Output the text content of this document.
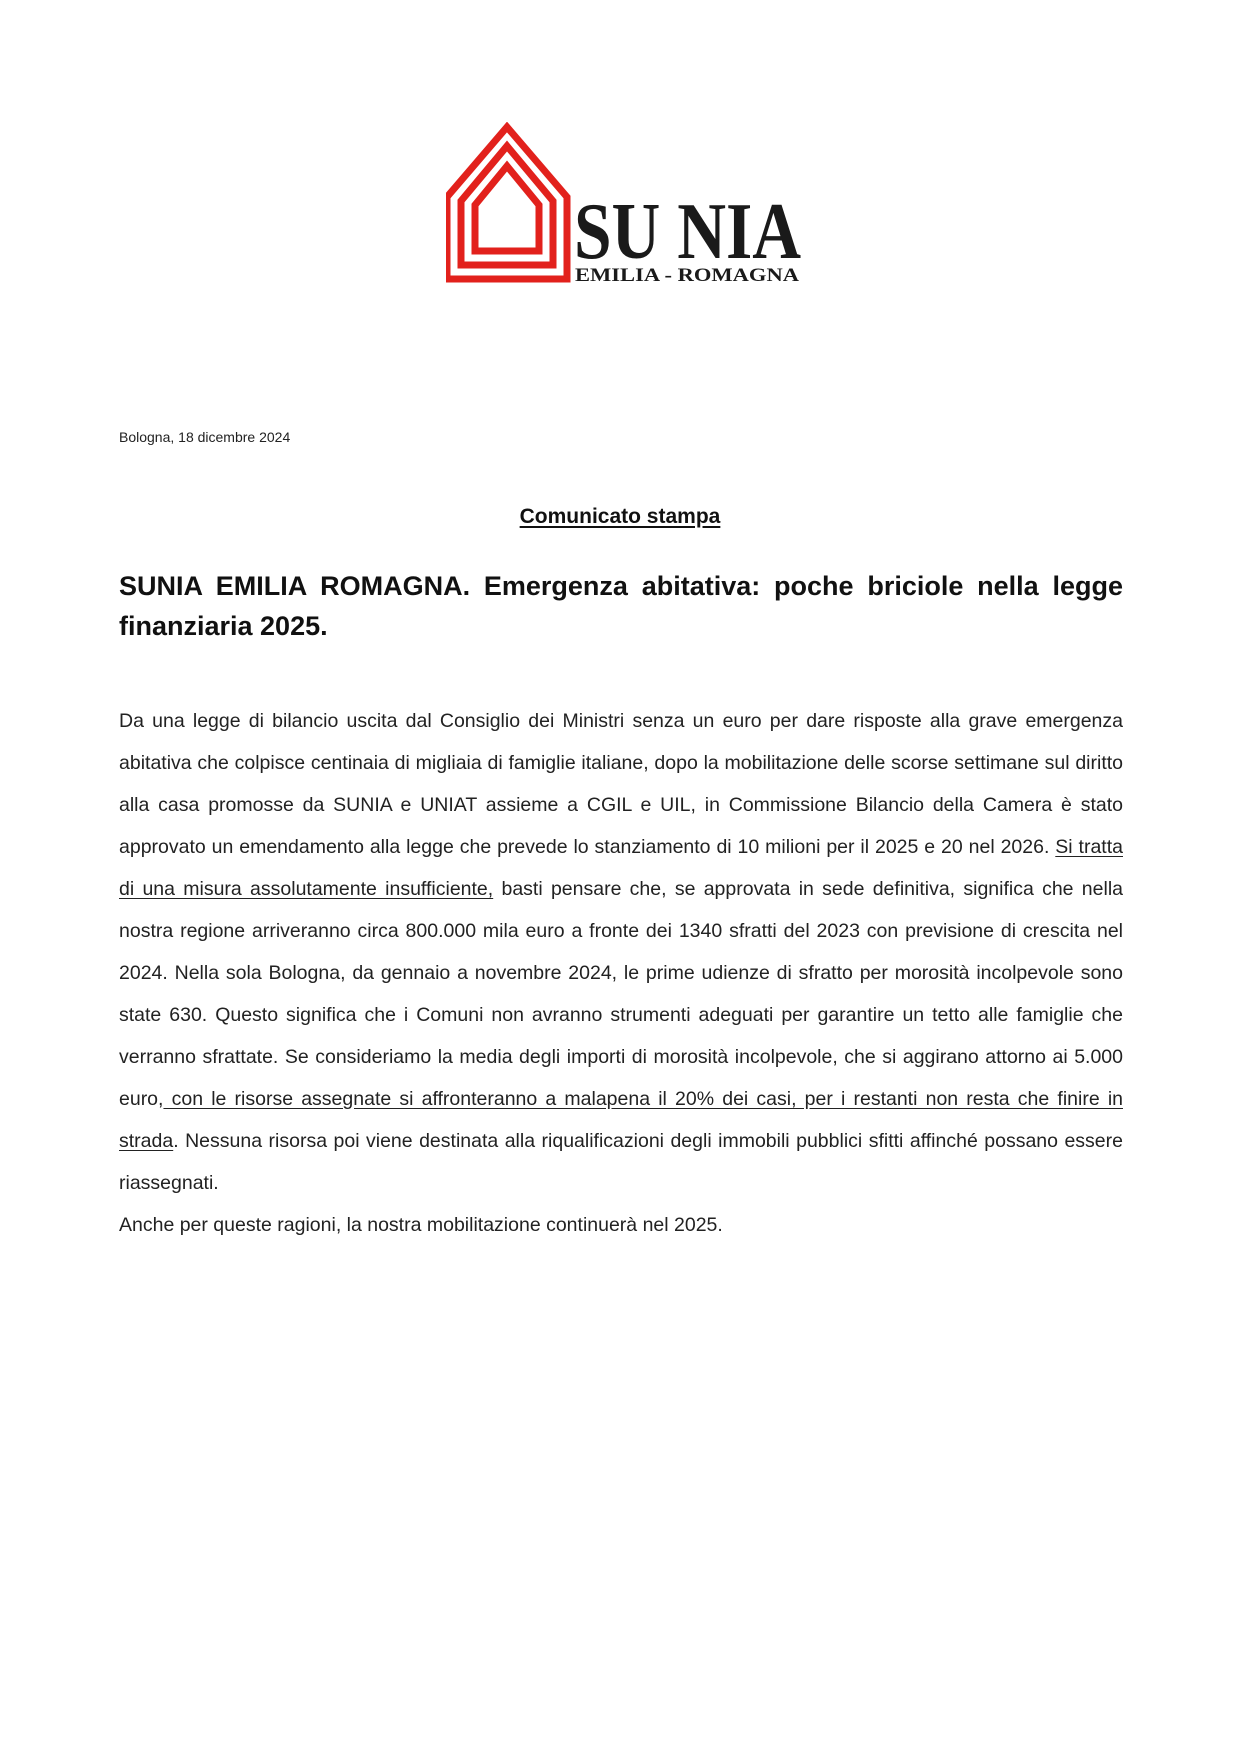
SU NIA
EMILIA - ROMAGNA
Bologna, 18 dicembre 2024
Comunicato stampa
SUNIA EMILIA ROMAGNA. Emergenza abitativa: poche briciole nella legge finanziaria 2025.

Da una legge di bilancio uscita dal Consiglio dei Ministri senza un euro per dare risposte alla grave emergenza abitativa che colpisce centinaia di migliaia di famiglie italiane, dopo la mobilitazione delle scorse settimane sul diritto alla casa promosse da SUNIA e UNIAT assieme a CGIL e UIL, in Commissione Bilancio della Camera è stato approvato un emendamento alla legge che prevede lo stanziamento di 10 milioni per il 2025 e 20 nel 2026. Si tratta di una misura assolutamente insufficiente, basti pensare che, se approvata in sede definitiva, significa che nella nostra regione arriveranno circa 800.000 mila euro a fronte dei 1340 sfratti del 2023 con previsione di crescita nel 2024. Nella sola Bologna, da gennaio a novembre 2024, le prime udienze di sfratto per morosità incolpevole sono state 630. Questo significa che i Comuni non avranno strumenti adeguati per garantire un tetto alle famiglie che verranno sfrattate. Se consideriamo la media degli importi di morosità incolpevole, che si aggirano attorno ai 5.000 euro, con le risorse assegnate si affronteranno a malapena il 20% dei casi, per i restanti non resta che finire in strada. Nessuna risorsa poi viene destinata alla riqualificazioni degli immobili pubblici sfitti affinché possano essere riassegnati.

Anche per queste ragioni, la nostra mobilitazione continuerà nel 2025.
